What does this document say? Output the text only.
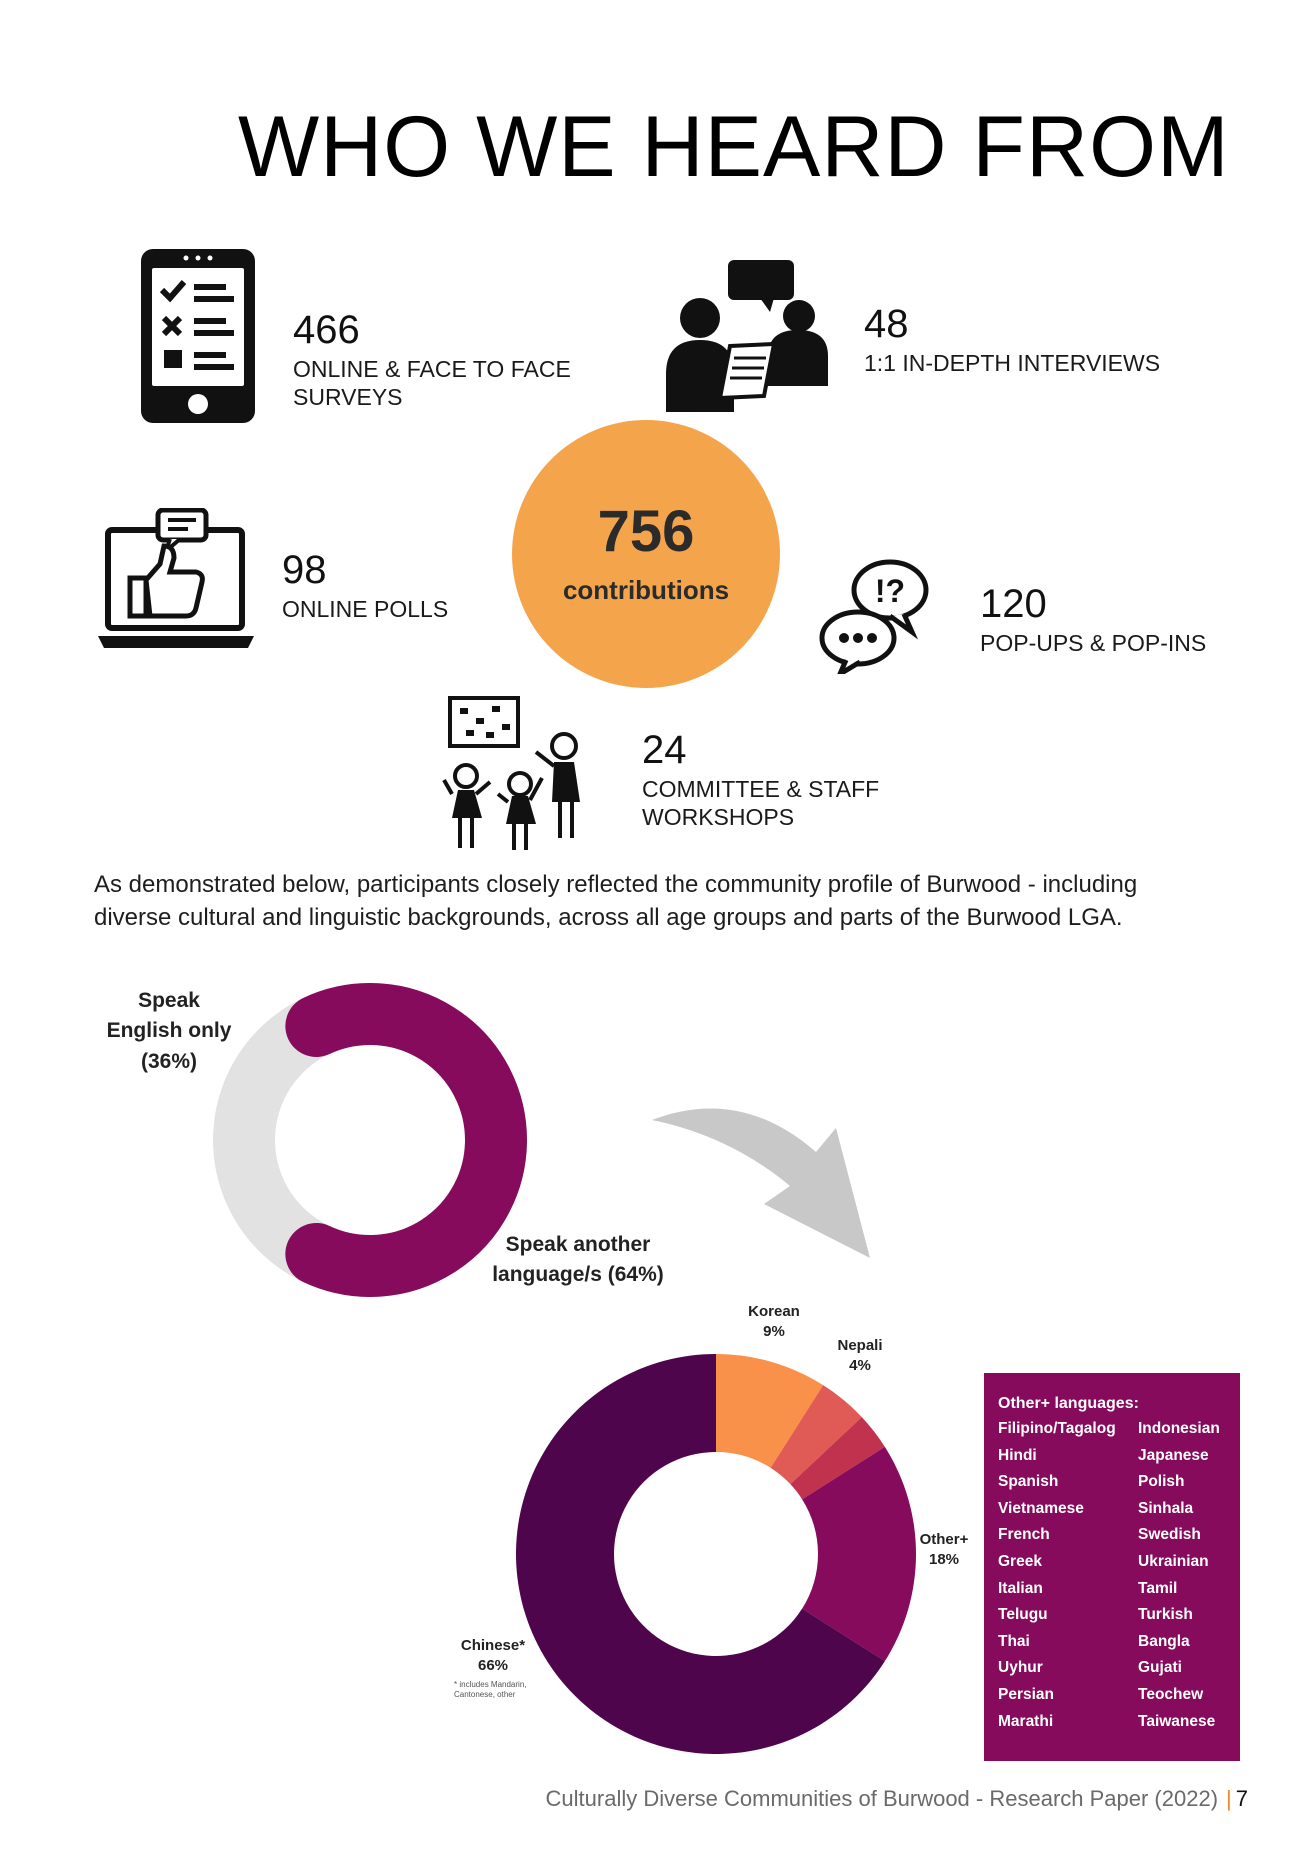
WHO WE HEARD FROM
466
ONLINE & FACE TO FACE
SURVEYS
48
1:1 IN-DEPTH INTERVIEWS
756
contributions
98
ONLINE POLLS	!? 120
POP-UPS & POP-INS
24
COMMITTEE & STAFF
WORKSHOPS
As demonstrated below, participants closely reflected the community profile of Burwood - including
diverse cultural and linguistic backgrounds, across all age groups and parts of the Burwood LGA.
Speak
English only
(36%)
Speak another
language/s (64%)
Korean
9%
Nepali
4%
Other+
18%
Chinese*
66%
* includes Mandarin,
Cantonese, other
Other+ languages:
Filipino/Tagalog	Indonesian
Hindi	Japanese
Spanish	Polish
Vietnamese	Sinhala
French	Swedish
Greek	Ukrainian
Italian	Tamil
Telugu	Turkish
Thai	Bangla
Uyhur	Gujati
Persian	Teochew
Marathi	Taiwanese
Culturally Diverse Communities of Burwood - Research Paper (2022) | 7
